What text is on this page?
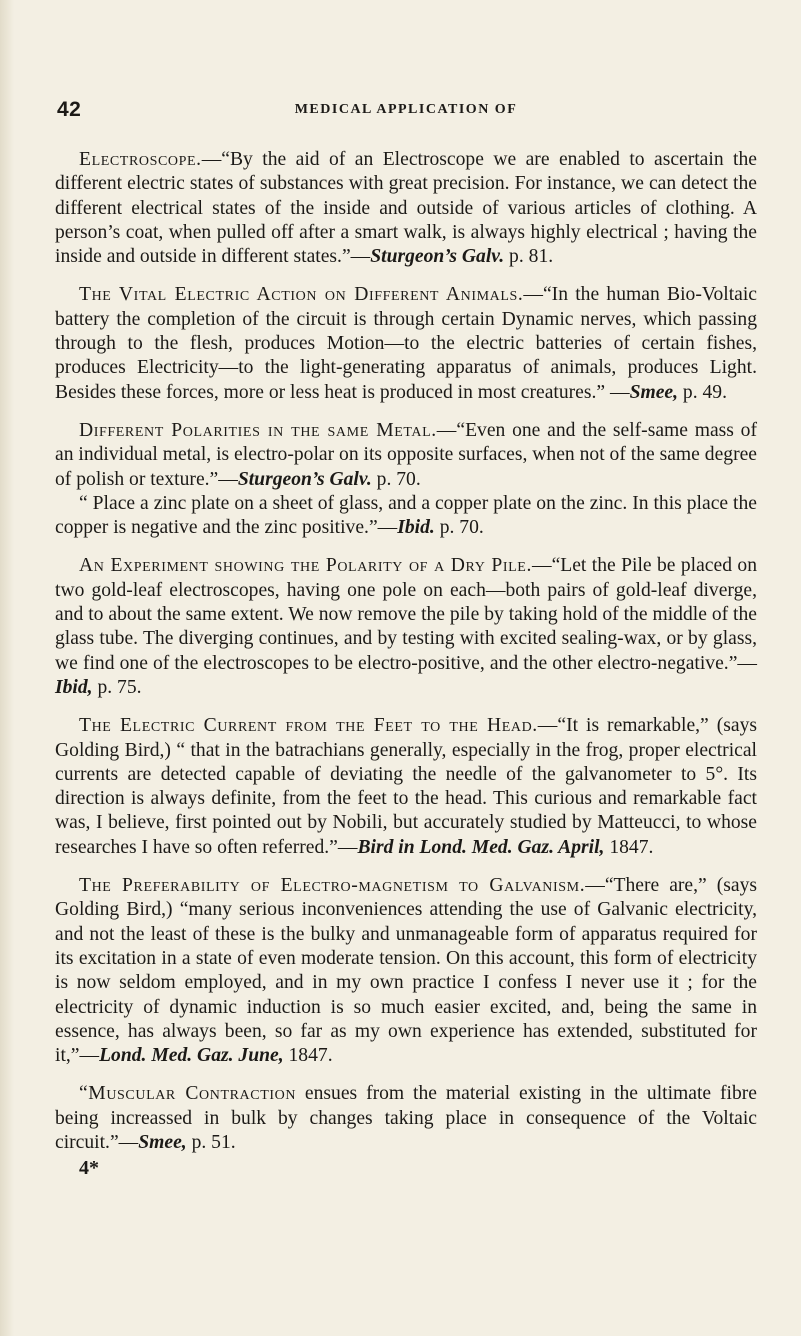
42	MEDICAL APPLICATION OF

Electroscope.—“By the aid of an Electroscope we are enabled to ascertain the different electric states of substances with great precision. For instance, we can detect the different electrical states of the inside and outside of various articles of clothing. A person’s coat, when pulled off after a smart walk, is always highly electrical ; having the inside and outside in different states.”—Sturgeon’s Galv. p. 81.

The Vital Electric Action on Different Animals.—“In the human Bio-Voltaic battery the completion of the circuit is through certain Dynamic nerves, which passing through to the flesh, produces Motion—to the electric batteries of certain fishes, produces Electricity—to the light-generating apparatus of animals, produces Light. Besides these forces, more or less heat is produced in most creatures.” —Smee, p. 49.

Different Polarities in the same Metal.—“Even one and the self-same mass of an individual metal, is electro-polar on its opposite surfaces, when not of the same degree of polish or texture.”—Sturgeon’s Galv. p. 70.

“ Place a zinc plate on a sheet of glass, and a copper plate on the zinc. In this place the copper is negative and the zinc positive.”—Ibid. p. 70.

An Experiment showing the Polarity of a Dry Pile.—“Let the Pile be placed on two gold-leaf electroscopes, having one pole on each—both pairs of gold-leaf diverge, and to about the same extent. We now remove the pile by taking hold of the middle of the glass tube. The diverging continues, and by testing with excited sealing-wax, or by glass, we find one of the electroscopes to be electro-positive, and the other electro-negative.”—Ibid, p. 75.

The Electric Current from the Feet to the Head.—“It is remarkable,” (says Golding Bird,) “ that in the batrachians generally, especially in the frog, proper electrical currents are detected capable of deviating the needle of the galvanometer to 5°. Its direction is always definite, from the feet to the head. This curious and remarkable fact was, I believe, first pointed out by Nobili, but accurately studied by Matteucci, to whose researches I have so often referred.”—Bird in Lond. Med. Gaz. April, 1847.

The Preferability of Electro-magnetism to Galvanism.—“There are,” (says Golding Bird,) “many serious inconveniences attending the use of Galvanic electricity, and not the least of these is the bulky and unmanageable form of apparatus required for its excitation in a state of even moderate tension. On this account, this form of electricity is now seldom employed, and in my own practice I confess I never use it ; for the electricity of dynamic induction is so much easier excited, and, being the same in essence, has always been, so far as my own experience has extended, substituted for it,”—Lond. Med. Gaz. June, 1847.

“Muscular Contraction ensues from the material existing in the ultimate fibre being increassed in bulk by changes taking place in consequence of the Voltaic circuit.”—Smee, p. 51.

4*
